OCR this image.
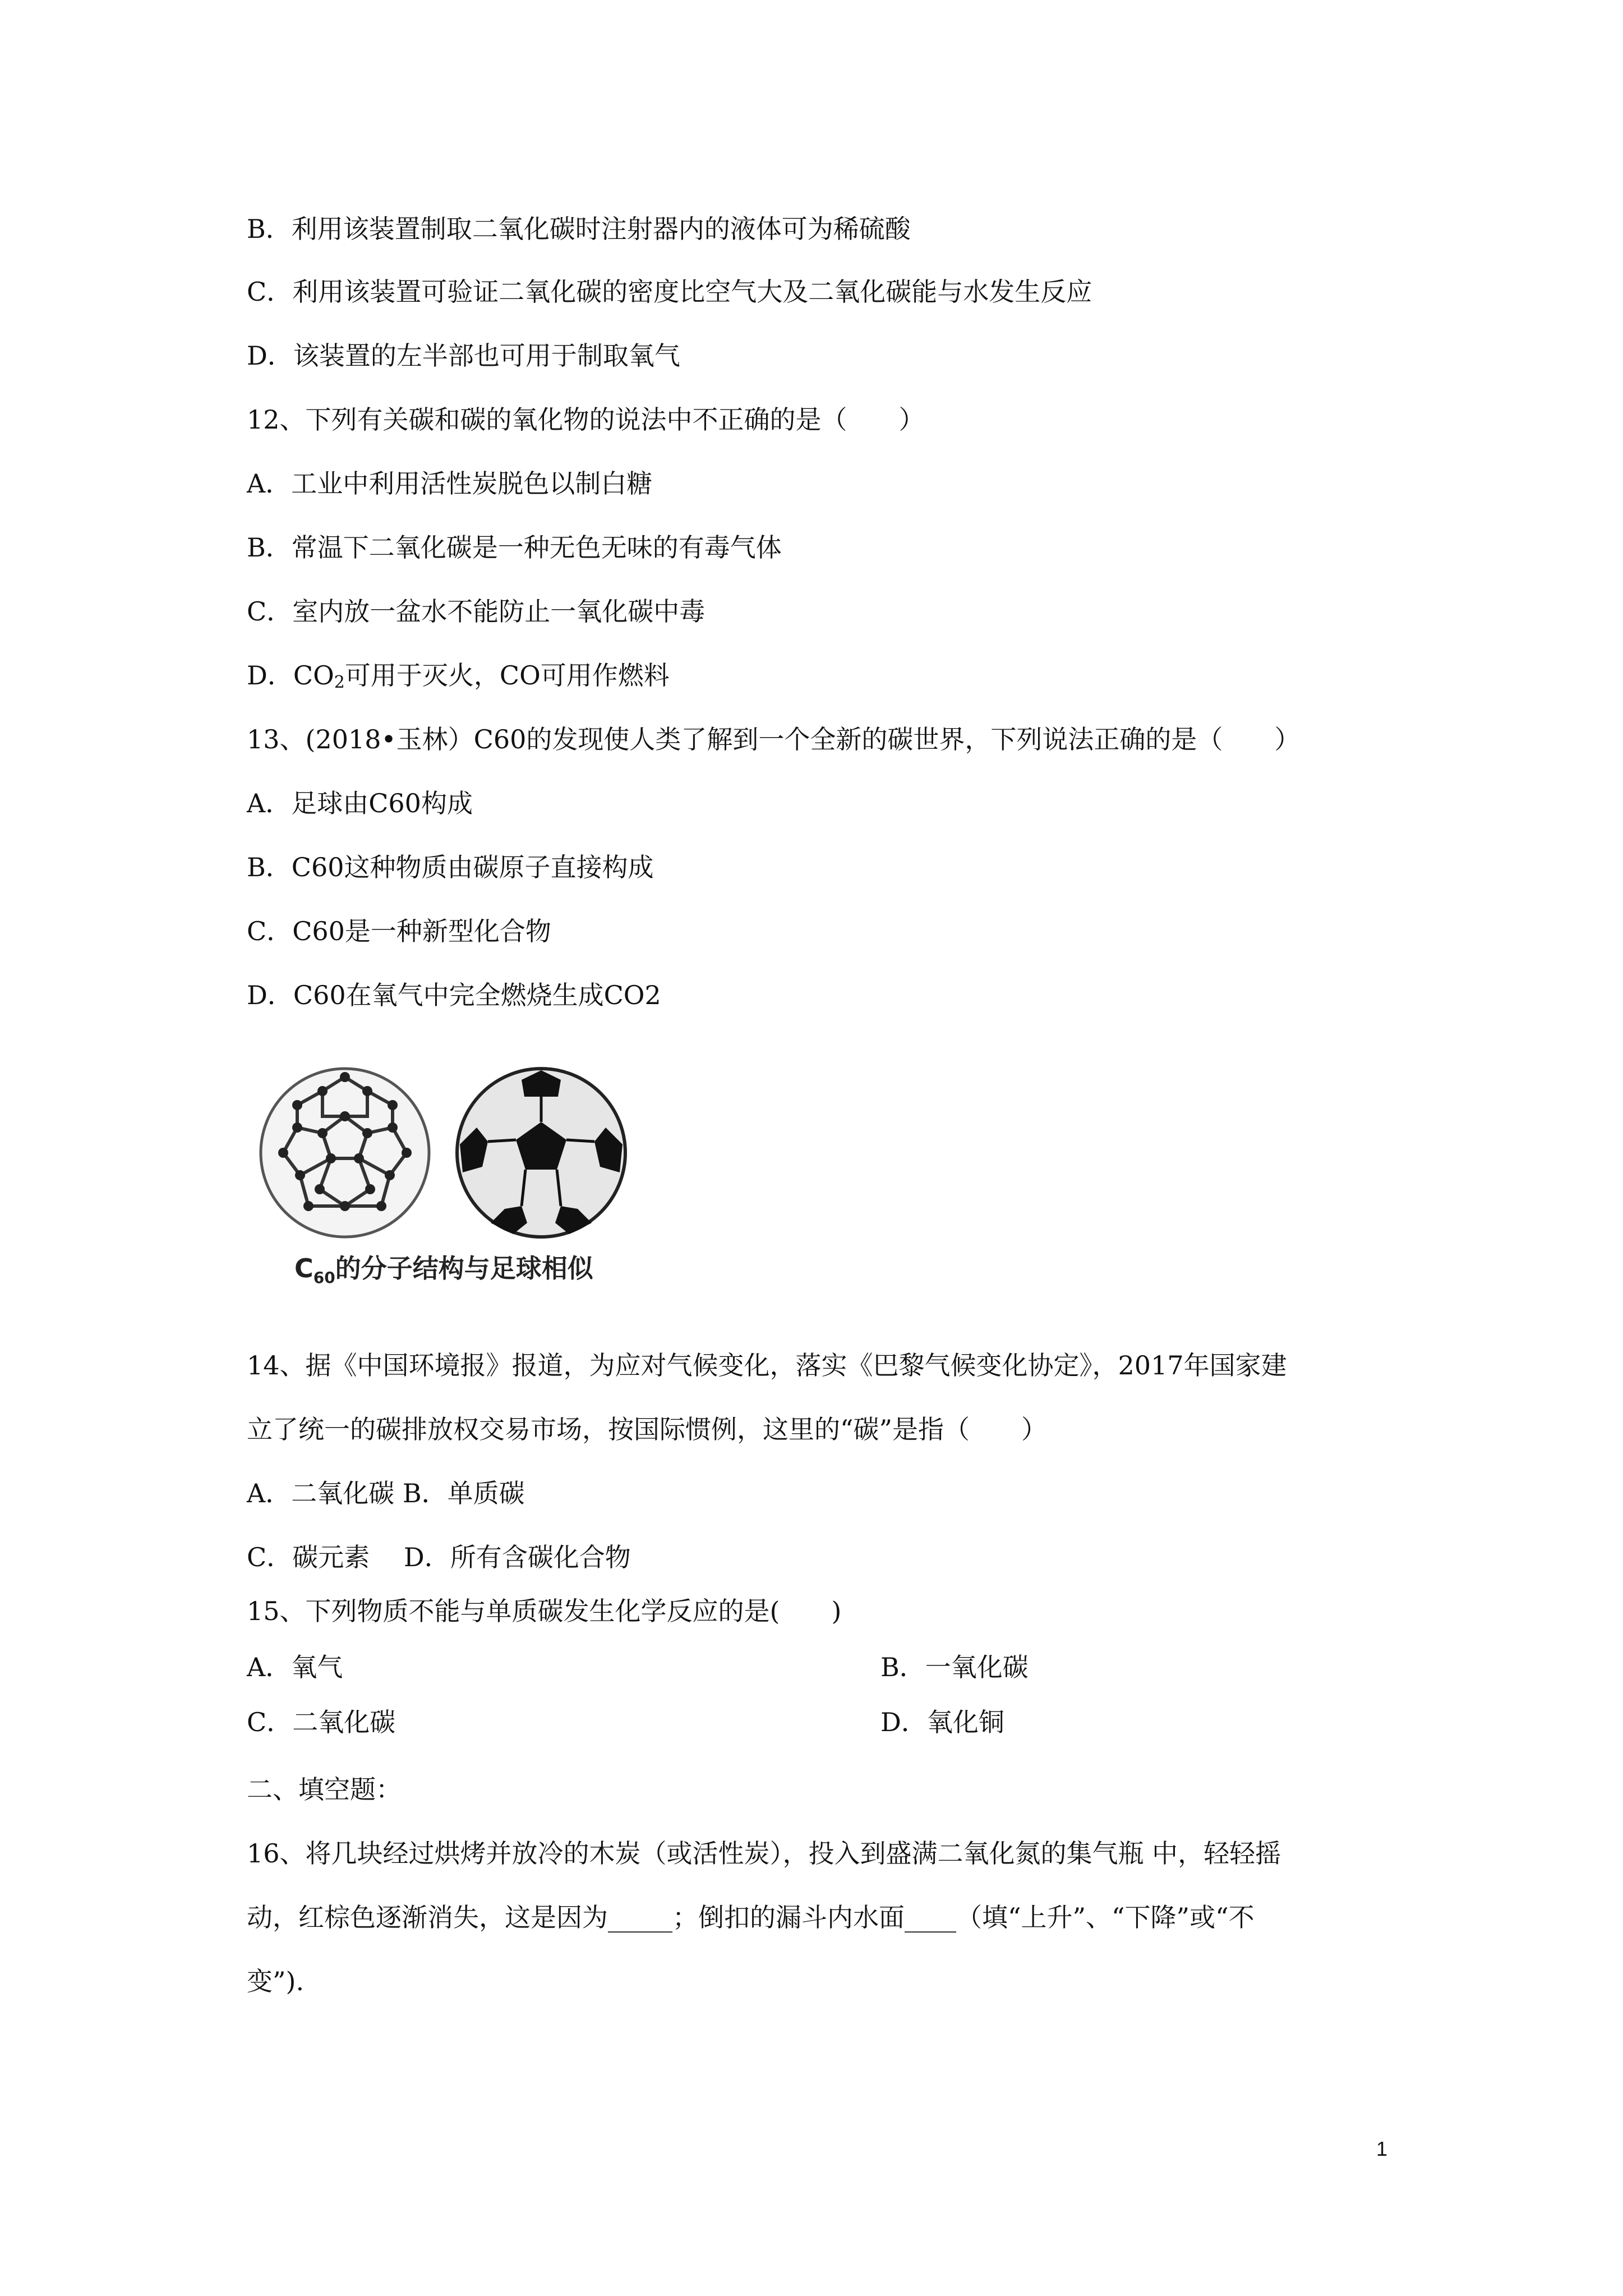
B．利用该装置制取二氧化碳时注射器内的液体可为稀硫酸
C．利用该装置可验证二氧化碳的密度比空气大及二氧化碳能与水发生反应
D．该装置的左半部也可用于制取氧气
12、下列有关碳和碳的氧化物的说法中不正确的是（　　）
A．工业中利用活性炭脱色以制白糖
B．常温下二氧化碳是一种无色无味的有毒气体
C．室内放一盆水不能防止一氧化碳中毒
D．$CO_2$可用于灭火，CO可用作燃料
13、(2018•玉林）C60的发现使人类了解到一个全新的碳世界，下列说法正确的是（　　）
A．足球由C60构成
B．C60这种物质由碳原子直接构成
C．C60是一种新型化合物
D．C60在氧气中完全燃烧生成CO2
$C_{60}$的分子结构与足球相似
14、据《中国环境报》报道，为应对气候变化，落实《巴黎气候变化协定》，2017年国家建
立了统一的碳排放权交易市场，按国际惯例，这里的“碳”是指（　　）
A．二氧化碳 B．单质碳
C．碳元素　 D．所有含碳化合物
15、下列物质不能与单质碳发生化学反应的是(　　)
A．氧气	B．一氧化碳
C．二氧化碳	D．氧化铜
二、填空题：
16、将几块经过烘烤并放冷的木炭（或活性炭），投入到盛满二氧化氮的集气瓶 中，轻轻摇
动，红棕色逐渐消失，这是因为_____；倒扣的漏斗内水面____（填“上升”、“下降”或“不
变”).
1
